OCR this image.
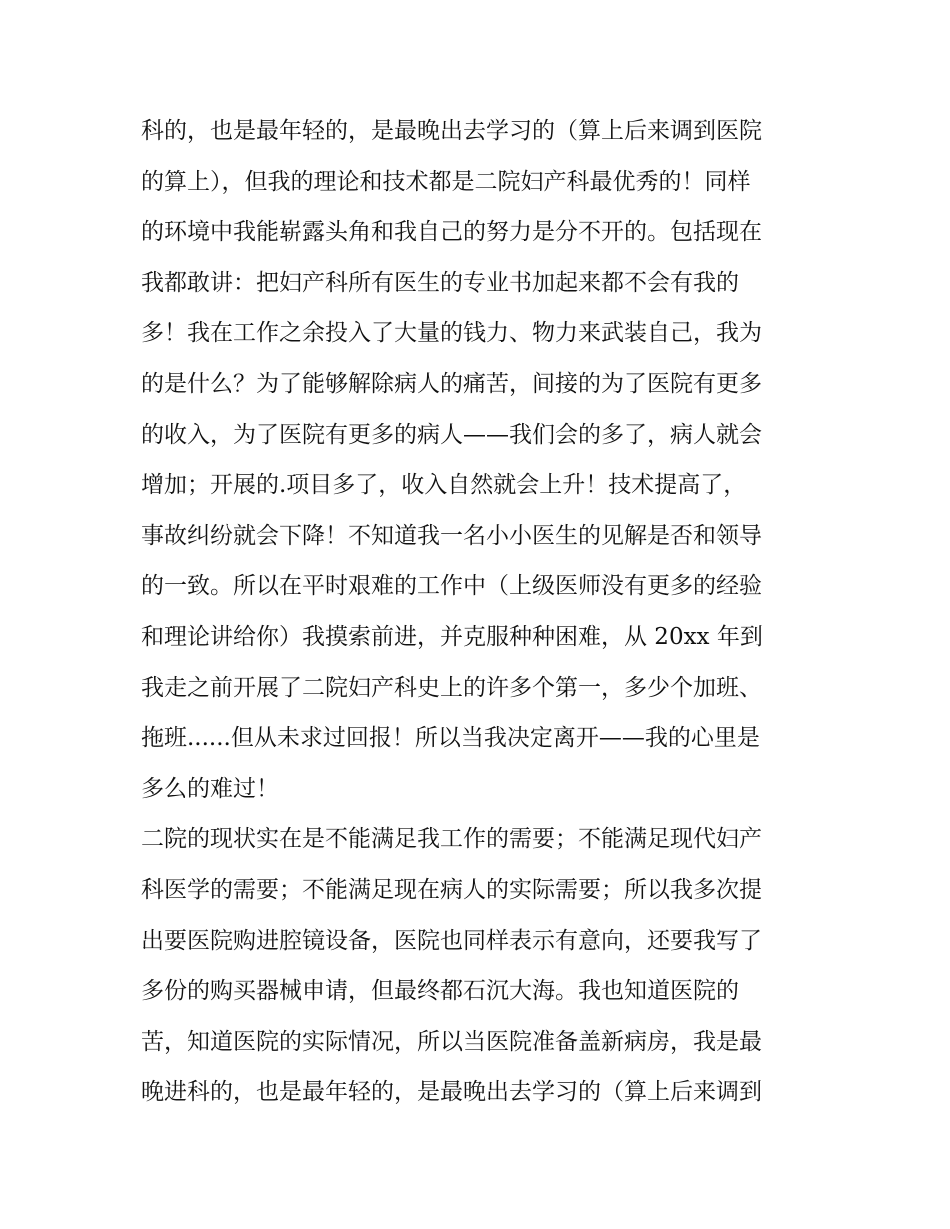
科的，也是最年轻的，是最晚出去学习的（算上后来调到医院
的算上），但我的理论和技术都是二院妇产科最优秀的！同样
的环境中我能崭露头角和我自己的努力是分不开的。包括现在
我都敢讲：把妇产科所有医生的专业书加起来都不会有我的
多！我在工作之余投入了大量的钱力、物力来武装自己，我为
的是什么？为了能够解除病人的痛苦，间接的为了医院有更多
的收入，为了医院有更多的病人——我们会的多了，病人就会
增加；开展的.项目多了，收入自然就会上升！技术提高了，
事故纠纷就会下降！不知道我一名小小医生的见解是否和领导
的一致。所以在平时艰难的工作中（上级医师没有更多的经验
和理论讲给你）我摸索前进，并克服种种困难，从 20xx 年到
我走之前开展了二院妇产科史上的许多个第一，多少个加班、
拖班......但从未求过回报！所以当我决定离开——我的心里是
多么的难过！
二院的现状实在是不能满足我工作的需要；不能满足现代妇产
科医学的需要；不能满足现在病人的实际需要；所以我多次提
出要医院购进腔镜设备，医院也同样表示有意向，还要我写了
多份的购买器械申请，但最终都石沉大海。我也知道医院的
苦，知道医院的实际情况，所以当医院准备盖新病房，我是最
晚进科的，也是最年轻的，是最晚出去学习的（算上后来调到
